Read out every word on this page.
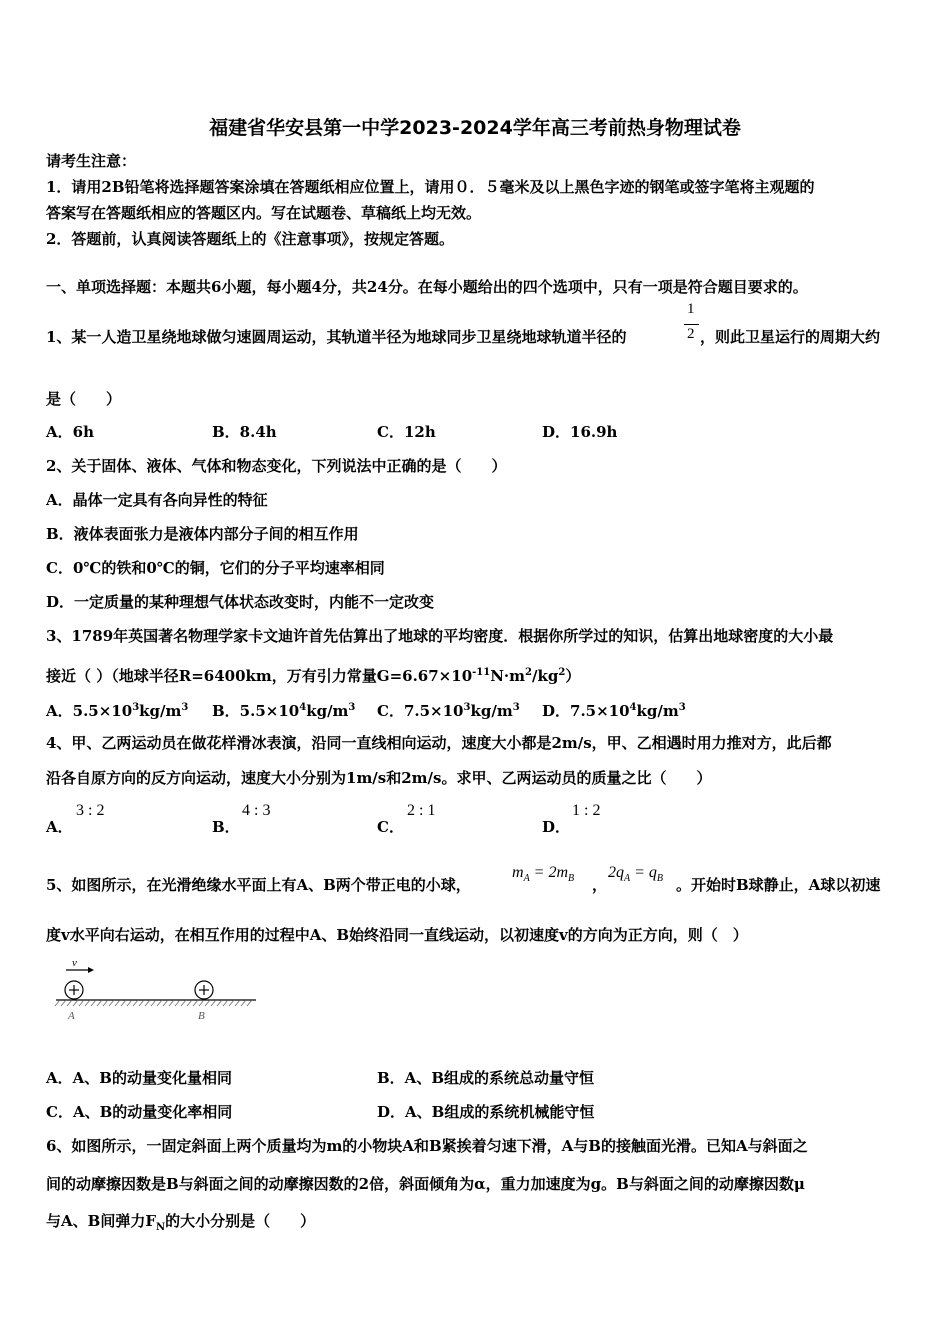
福建省华安县第一中学2023-2024学年高三考前热身物理试卷
请考生注意：
1．请用2B铅笔将选择题答案涂填在答题纸相应位置上，请用０．５毫米及以上黑色字迹的钢笔或签字笔将主观题的
答案写在答题纸相应的答题区内。写在试题卷、草稿纸上均无效。
2．答题前，认真阅读答题纸上的《注意事项》，按规定答题。
一、单项选择题：本题共6小题，每小题4分，共24分。在每小题给出的四个选项中，只有一项是符合题目要求的。
1、某一人造卫星绕地球做匀速圆周运动，其轨道半径为地球同步卫星绕地球轨道半径的
1
2 ，则此卫星运行的周期大约
是（　　）
A．6h	B．8.4h	C．12h	D．16.9h
2、关于固体、液体、气体和物态变化，下列说法中正确的是（　　）
A．晶体一定具有各向异性的特征
B．液体表面张力是液体内部分子间的相互作用
C．0℃的铁和0℃的铜，它们的分子平均速率相同
D．一定质量的某种理想气体状态改变时，内能不一定改变
3、1789年英国著名物理学家卡文迪许首先估算出了地球的平均密度．根据你所学过的知识，估算出地球密度的大小最
接近（ ）（地球半径R=6400km，万有引力常量$G=6.67\times 10^{-11}N\cdot m^2/kg^2$）
A．$5.5\times 10^3kg/m^3$ B．$5.5\times 10^4kg/m^3$ C．$7.5\times 10^3kg/m^3$ D．$7.5\times 10^4kg/m^3$
4、甲、乙两运动员在做花样滑冰表演，沿同一直线相向运动，速度大小都是2m/s，甲、乙相遇时用力推对方，此后都
沿各自原方向的反方向运动，速度大小分别为1m/s和2m/s。求甲、乙两运动员的质量之比（　　）
A．
3 : 2
B．
4 : 3
C．
2 : 1
D．
1 : 2
5、如图所示，在光滑绝缘水平面上有A、B两个带正电的小球，
$m_A = 2m_B$ ，
$2q_A = q_B$ 。开始时B球静止，A球以初速
度v水平向右运动，在相互作用的过程中A、B始终沿同一直线运动，以初速度v的方向为正方向，则（　）
v
A	B
A．A、B的动量变化量相同	B．A、B组成的系统总动量守恒
C．A、B的动量变化率相同	D．A、B组成的系统机械能守恒
6、如图所示，一固定斜面上两个质量均为m的小物块A和B紧挨着匀速下滑，A与B的接触面光滑。已知A与斜面之
间的动摩擦因数是B与斜面之间的动摩擦因数的2倍，斜面倾角为α，重力加速度为g。B与斜面之间的动摩擦因数μ
与A、B间弹力$F_N$的大小分别是（　　）
